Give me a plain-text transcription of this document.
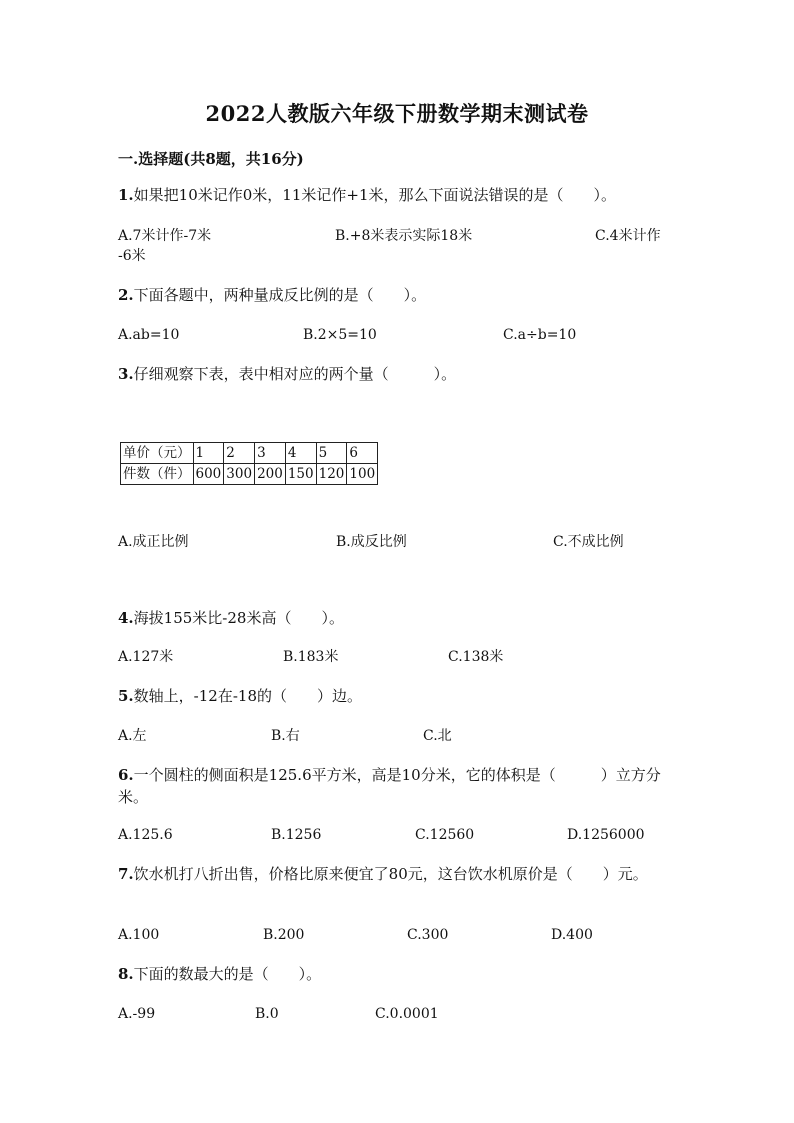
2022人教版六年级下册数学期末测试卷
一.选择题(共8题，共16分)
1.如果把10米记作0米，11米记作+1米，那么下面说法错误的是（　　）。
A.7米计作-7米	B.+8米表示实际18米	C.4米计作
-6米
2.下面各题中，两种量成反比例的是（　　）。
A.ab=10	B.2×5=10	C.a÷b=10
3.仔细观察下表，表中相对应的两个量（　　　）。
单价（元）	1	2	3	4	5	6
件数（件）	600	300	200	150	120	100
A.成正比例	B.成反比例	C.不成比例
4.海拔155米比-28米高（　　）。
A.127米	B.183米	C.138米
5.数轴上，-12在-18的（　　）边。
A.左	B.右	C.北
6.一个圆柱的侧面积是125.6平方米，高是10分米，它的体积是（　　　）立方分米。
A.125.6	B.1256	C.12560	D.1256000
7.饮水机打八折出售，价格比原来便宜了80元，这台饮水机原价是（　　）元。
A.100	B.200	C.300	D.400
8.下面的数最大的是（　　）。
A.-99	B.0	C.0.0001
